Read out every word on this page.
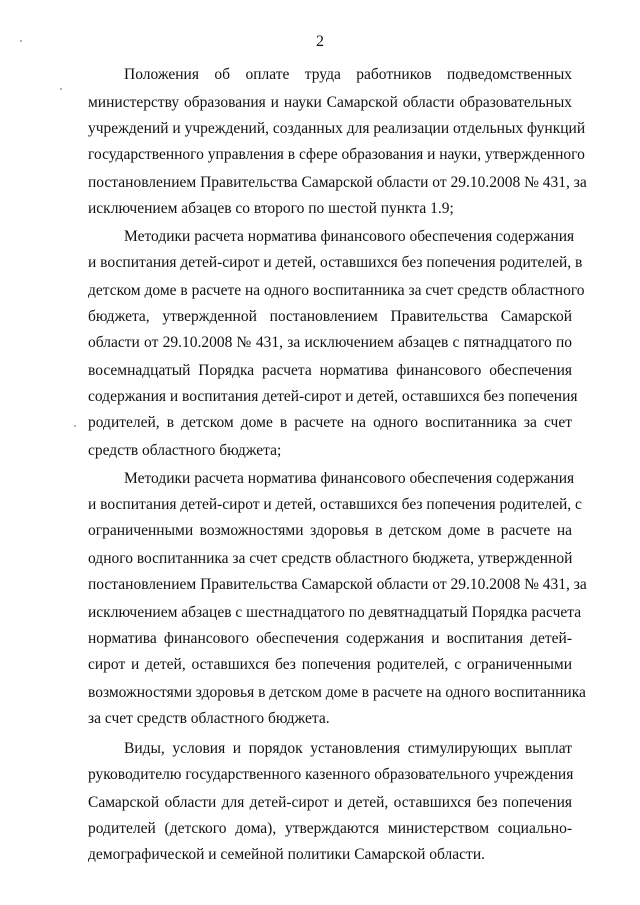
2
Положения об оплате труда работников подведомственных
министерству образования и науки Самарской области образовательных
учреждений и учреждений, созданных для реализации отдельных функций
государственного управления в сфере образования и науки, утвержденного
постановлением Правительства Самарской области от 29.10.2008 № 431, за
исключением абзацев со второго по шестой пункта 1.9;
Методики расчета норматива финансового обеспечения содержания
и воспитания детей-сирот и детей, оставшихся без попечения родителей, в
детском доме в расчете на одного воспитанника за счет средств областного
бюджета, утвержденной постановлением Правительства Самарской
области от 29.10.2008 № 431, за исключением абзацев с пятнадцатого по
восемнадцатый Порядка расчета норматива финансового обеспечения
содержания и воспитания детей-сирот и детей, оставшихся без попечения
родителей, в детском доме в расчете на одного воспитанника за счет
средств областного бюджета;
Методики расчета норматива финансового обеспечения содержания
и воспитания детей-сирот и детей, оставшихся без попечения родителей, с
ограниченными возможностями здоровья в детском доме в расчете на
одного воспитанника за счет средств областного бюджета, утвержденной
постановлением Правительства Самарской области от 29.10.2008 № 431, за
исключением абзацев с шестнадцатого по девятнадцатый Порядка расчета
норматива финансового обеспечения содержания и воспитания детей-
сирот и детей, оставшихся без попечения родителей, с ограниченными
возможностями здоровья в детском доме в расчете на одного воспитанника
за счет средств областного бюджета.
Виды, условия и порядок установления стимулирующих выплат
руководителю государственного казенного образовательного учреждения
Самарской области для детей-сирот и детей, оставшихся без попечения
родителей (детского дома), утверждаются министерством социально-
демографической и семейной политики Самарской области.
